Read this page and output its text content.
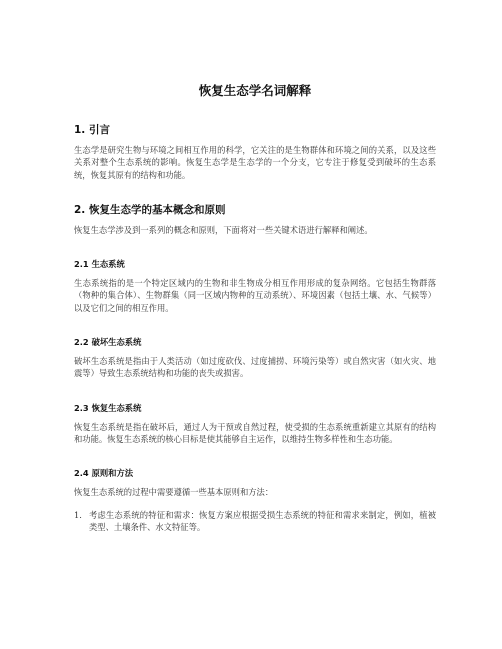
恢复生态学名词解释
1. 引言
生态学是研究生物与环境之间相互作用的科学，它关注的是生物群体和环境之间的关系，以及这些关系对整个生态系统的影响。恢复生态学是生态学的一个分支，它专注于修复受到破坏的生态系统，恢复其原有的结构和功能。
2. 恢复生态学的基本概念和原则
恢复生态学涉及到一系列的概念和原则，下面将对一些关键术语进行解释和阐述。
2.1 生态系统
生态系统指的是一个特定区域内的生物和非生物成分相互作用形成的复杂网络。它包括生物群落（物种的集合体）、生物群集（同一区域内物种的互动系统）、环境因素（包括土壤、水、气候等）以及它们之间的相互作用。
2.2 破坏生态系统
破坏生态系统是指由于人类活动（如过度砍伐、过度捕捞、环境污染等）或自然灾害（如火灾、地震等）导致生态系统结构和功能的丧失或损害。
2.3 恢复生态系统
恢复生态系统是指在破坏后，通过人为干预或自然过程，使受损的生态系统重新建立其原有的结构和功能。恢复生态系统的核心目标是使其能够自主运作，以维持生物多样性和生态功能。
2.4 原则和方法
恢复生态系统的过程中需要遵循一些基本原则和方法：
1. 考虑生态系统的特征和需求：恢复方案应根据受损生态系统的特征和需求来制定，例如，植被类型、土壤条件、水文特征等。
